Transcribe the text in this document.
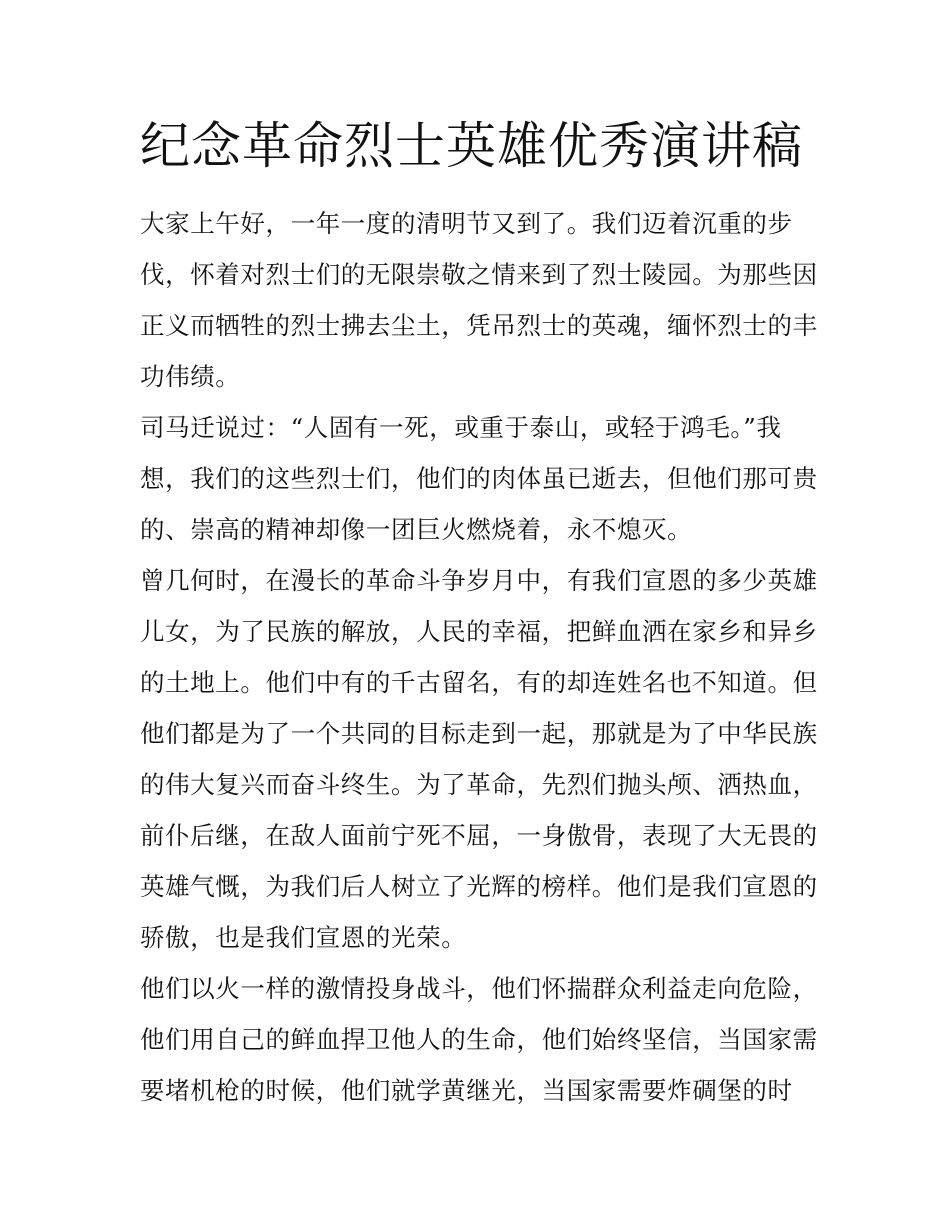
纪念革命烈士英雄优秀演讲稿
大家上午好，一年一度的清明节又到了。我们迈着沉重的步
伐，怀着对烈士们的无限崇敬之情来到了烈士陵园。为那些因
正义而牺牲的烈士拂去尘土，凭吊烈士的英魂，缅怀烈士的丰
功伟绩。
司马迁说过：“人固有一死，或重于泰山，或轻于鸿毛。”我
想，我们的这些烈士们，他们的肉体虽已逝去，但他们那可贵
的、崇高的精神却像一团巨火燃烧着，永不熄灭。
曾几何时，在漫长的革命斗争岁月中，有我们宣恩的多少英雄
儿女，为了民族的解放，人民的幸福，把鲜血洒在家乡和异乡
的土地上。他们中有的千古留名，有的却连姓名也不知道。但
他们都是为了一个共同的目标走到一起，那就是为了中华民族
的伟大复兴而奋斗终生。为了革命，先烈们抛头颅、洒热血，
前仆后继，在敌人面前宁死不屈，一身傲骨，表现了大无畏的
英雄气慨，为我们后人树立了光辉的榜样。他们是我们宣恩的
骄傲，也是我们宣恩的光荣。
他们以火一样的激情投身战斗，他们怀揣群众利益走向危险，
他们用自己的鲜血捍卫他人的生命，他们始终坚信，当国家需
要堵机枪的时候，他们就学黄继光，当国家需要炸碉堡的时
